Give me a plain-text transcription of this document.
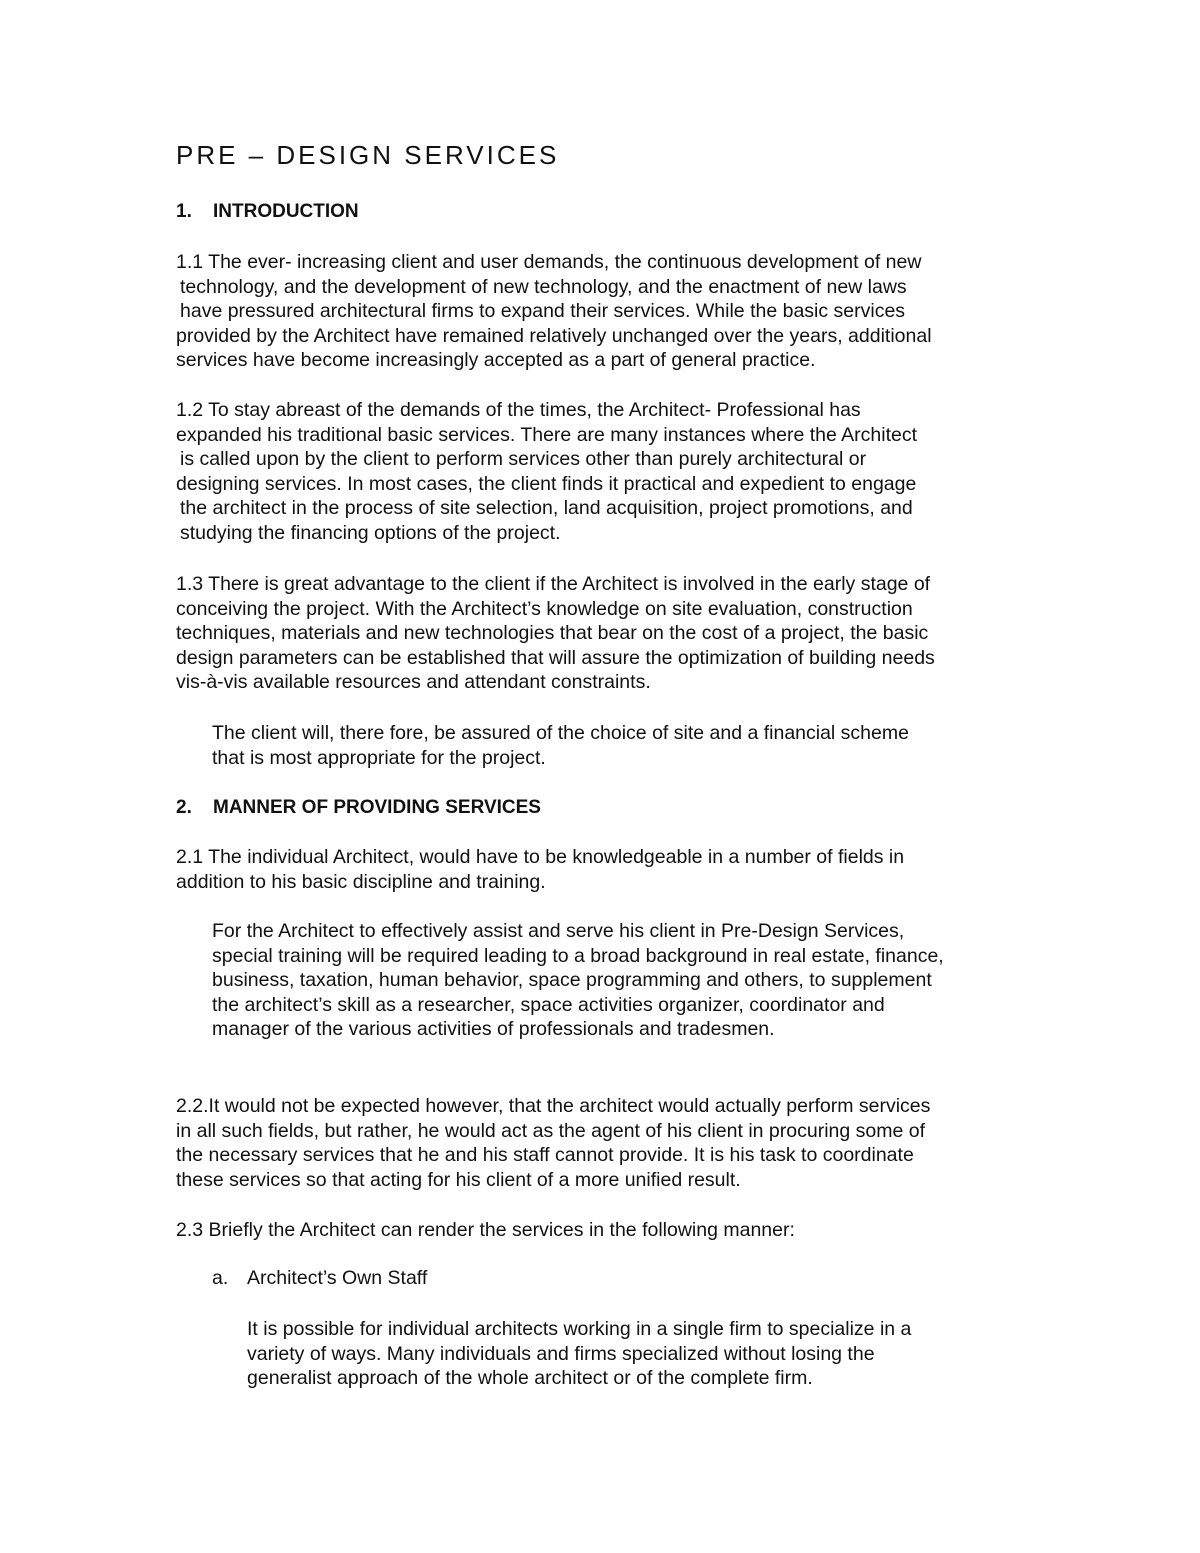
PRE – DESIGN SERVICES
1. INTRODUCTION
1.1 The ever- increasing client and user demands, the continuous development of new
technology, and the development of new technology, and the enactment of new laws
have pressured architectural firms to expand their services. While the basic services
provided by the Architect have remained relatively unchanged over the years, additional
services have become increasingly accepted as a part of general practice.
1.2 To stay abreast of the demands of the times, the Architect- Professional has
expanded his traditional basic services. There are many instances where the Architect
is called upon by the client to perform services other than purely architectural or
designing services. In most cases, the client finds it practical and expedient to engage
the architect in the process of site selection, land acquisition, project promotions, and
studying the financing options of the project.
1.3 There is great advantage to the client if the Architect is involved in the early stage of
conceiving the project. With the Architect’s knowledge on site evaluation, construction
techniques, materials and new technologies that bear on the cost of a project, the basic
design parameters can be established that will assure the optimization of building needs
vis-à-vis available resources and attendant constraints.
The client will, there fore, be assured of the choice of site and a financial scheme
that is most appropriate for the project.
2. MANNER OF PROVIDING SERVICES
2.1 The individual Architect, would have to be knowledgeable in a number of fields in
addition to his basic discipline and training.
For the Architect to effectively assist and serve his client in Pre-Design Services,
special training will be required leading to a broad background in real estate, finance,
business, taxation, human behavior, space programming and others, to supplement
the architect’s skill as a researcher, space activities organizer, coordinator and
manager of the various activities of professionals and tradesmen.
2.2.It would not be expected however, that the architect would actually perform services
in all such fields, but rather, he would act as the agent of his client in procuring some of
the necessary services that he and his staff cannot provide. It is his task to coordinate
these services so that acting for his client of a more unified result.
2.3 Briefly the Architect can render the services in the following manner:
a. Architect’s Own Staff
It is possible for individual architects working in a single firm to specialize in a
variety of ways. Many individuals and firms specialized without losing the
generalist approach of the whole architect or of the complete firm.
